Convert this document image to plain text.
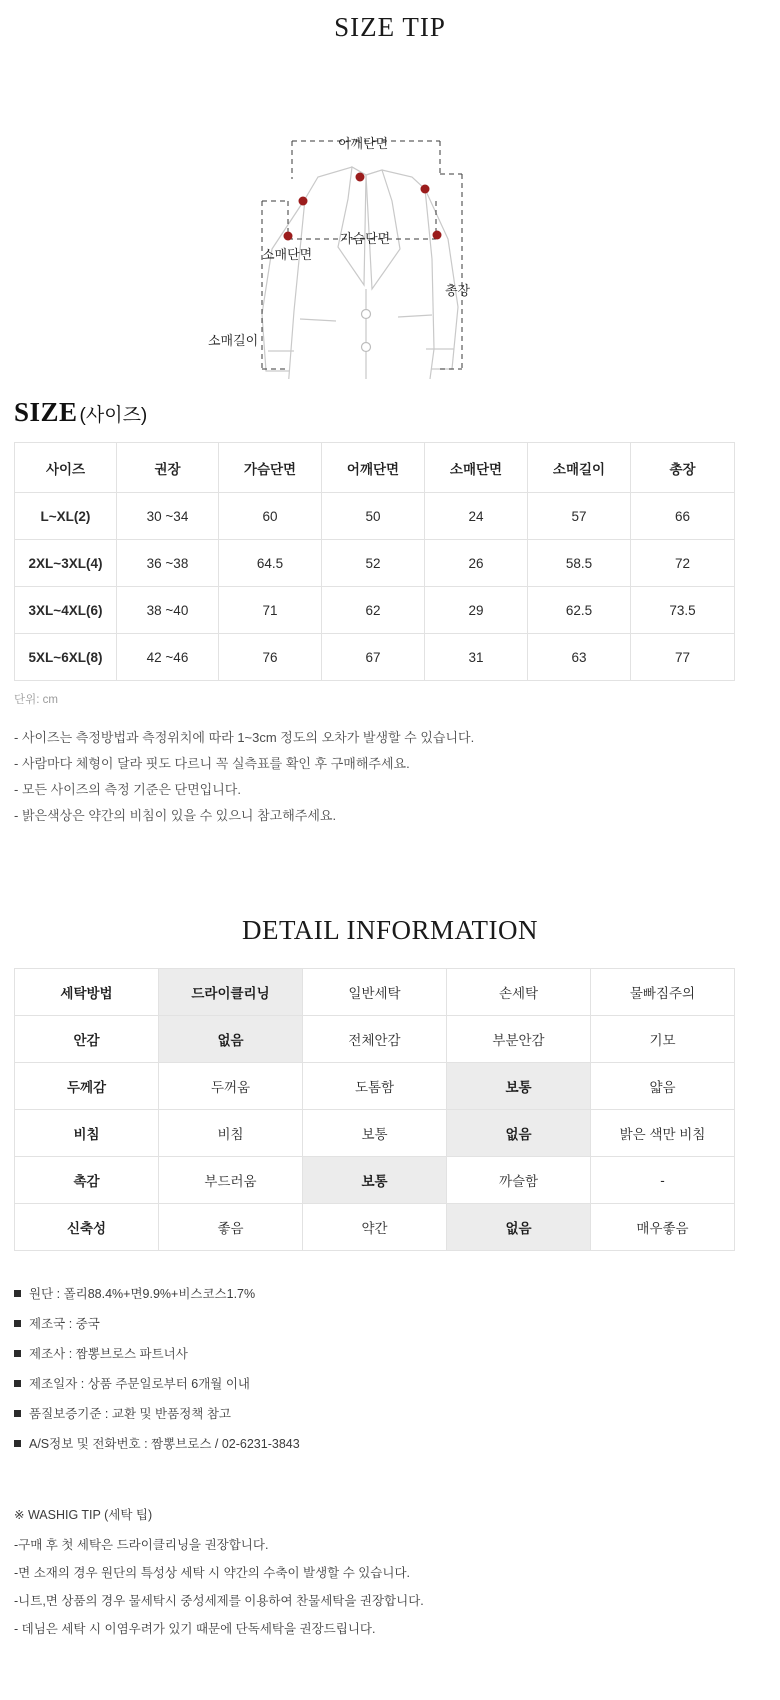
SIZE TIP
어깨단면
가슴단면
소매단면
총장
소매길이
SIZE (사이즈)
사이즈	권장	가슴단면	어깨단면	소매단면	소매길이	총장
L~XL(2)	30 ~34	60	50	24	57	66
2XL~3XL(4)	36 ~38	64.5	52	26	58.5	72
3XL~4XL(6)	38 ~40	71	62	29	62.5	73.5
5XL~6XL(8)	42 ~46	76	67	31	63	77
단위: cm
- 사이즈는 측정방법과 측정위치에 따라 1~3cm 정도의 오차가 발생할 수 있습니다.
- 사람마다 체형이 달라 핏도 다르니 꼭 실측표를 확인 후 구매해주세요.
- 모든 사이즈의 측정 기준은 단면입니다.
- 밝은색상은 약간의 비침이 있을 수 있으니 참고해주세요.
DETAIL INFORMATION
세탁방법	드라이클리닝	일반세탁	손세탁	물빠짐주의
안감	없음	전체안감	부분안감	기모
두께감	두꺼움	도톰함	보통	얇음
비침	비침	보통	없음	밝은 색만 비침
촉감	부드러움	보통	까슬함	-
신축성	좋음	약간	없음	매우좋음
원단 : 폴리88.4%+면9.9%+비스코스1.7%
제조국 : 중국
제조사 : 짬뽕브로스 파트너사
제조일자 : 상품 주문일로부터 6개월 이내
품질보증기준 : 교환 및 반품정책 참고
A/S정보 및 전화번호 : 짬뽕브로스 / 02-6231-3843
※ WASHIG TIP (세탁 팁)
-구매 후 첫 세탁은 드라이클리닝을 권장합니다.
-면 소재의 경우 원단의 특성상 세탁 시 약간의 수축이 발생할 수 있습니다.
-니트,면 상품의 경우 물세탁시 중성세제를 이용하여 찬물세탁을 권장합니다.
- 데님은 세탁 시 이염우려가 있기 때문에 단독세탁을 권장드립니다.
